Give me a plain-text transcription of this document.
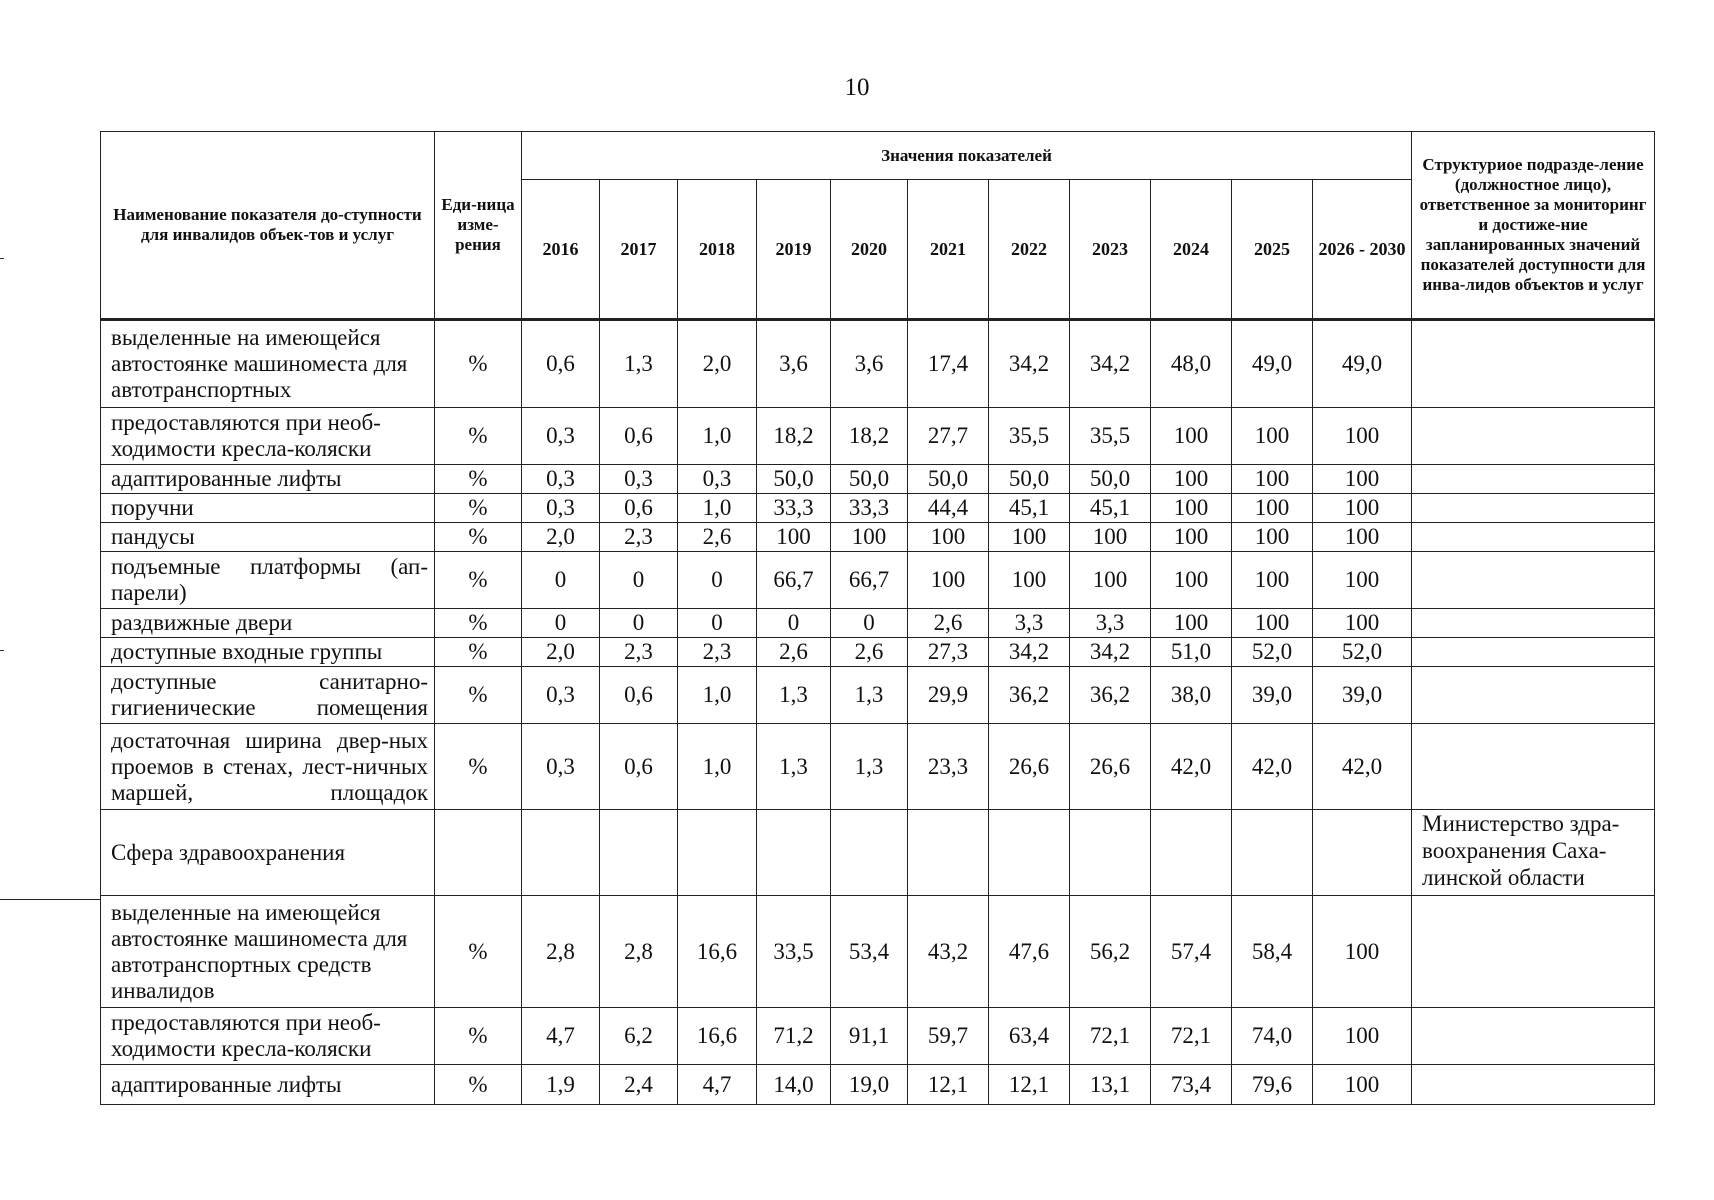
10
Наименование показателя до-ступности для инвалидов объек-тов и услуг	Еди-ница изме-рения	Значения показателей											Структуриое подразде-ление (должностное лицо), ответственное за мониторинг и достиже-ние запланированных значений показателей доступности для инва-лидов объектов и услуг
		2016	2017	2018	2019	2020	2021	2022	2023	2024	2025	2026 - 2030	
выделенные на имеющейся автостоянке машиноместа для автотранспортных	%	0,6	1,3	2,0	3,6	3,6	17,4	34,2	34,2	48,0	49,0	49,0	
предоставляются при необ-ходимости кресла-коляски	%	0,3	0,6	1,0	18,2	18,2	27,7	35,5	35,5	100	100	100	
адаптированные лифты	%	0,3	0,3	0,3	50,0	50,0	50,0	50,0	50,0	100	100	100	
поручни	%	0,3	0,6	1,0	33,3	33,3	44,4	45,1	45,1	100	100	100	
пандусы	%	2,0	2,3	2,6	100	100	100	100	100	100	100	100	
подъемные платформы (ап-парели)	%	0	0	0	66,7	66,7	100	100	100	100	100	100	
раздвижные двери	%	0	0	0	0	0	2,6	3,3	3,3	100	100	100	
доступные входные группы	%	2,0	2,3	2,3	2,6	2,6	27,3	34,2	34,2	51,0	52,0	52,0	
доступные санитарно-гигиенические помещения	%	0,3	0,6	1,0	1,3	1,3	29,9	36,2	36,2	38,0	39,0	39,0	
достаточная ширина двер-ных проемов в стенах, лест-ничных маршей, площадок	%	0,3	0,6	1,0	1,3	1,3	23,3	26,6	26,6	42,0	42,0	42,0	
Сфера здравоохранения													Министерство здра-воохранения Саха-линской области
выделенные на имеющейся автостоянке машиноместа для автотранспортных средств инвалидов	%	2,8	2,8	16,6	33,5	53,4	43,2	47,6	56,2	57,4	58,4	100	
предоставляются при необ-ходимости кресла-коляски	%	4,7	6,2	16,6	71,2	91,1	59,7	63,4	72,1	72,1	74,0	100	
адаптированные лифты	%	1,9	2,4	4,7	14,0	19,0	12,1	12,1	13,1	73,4	79,6	100	
